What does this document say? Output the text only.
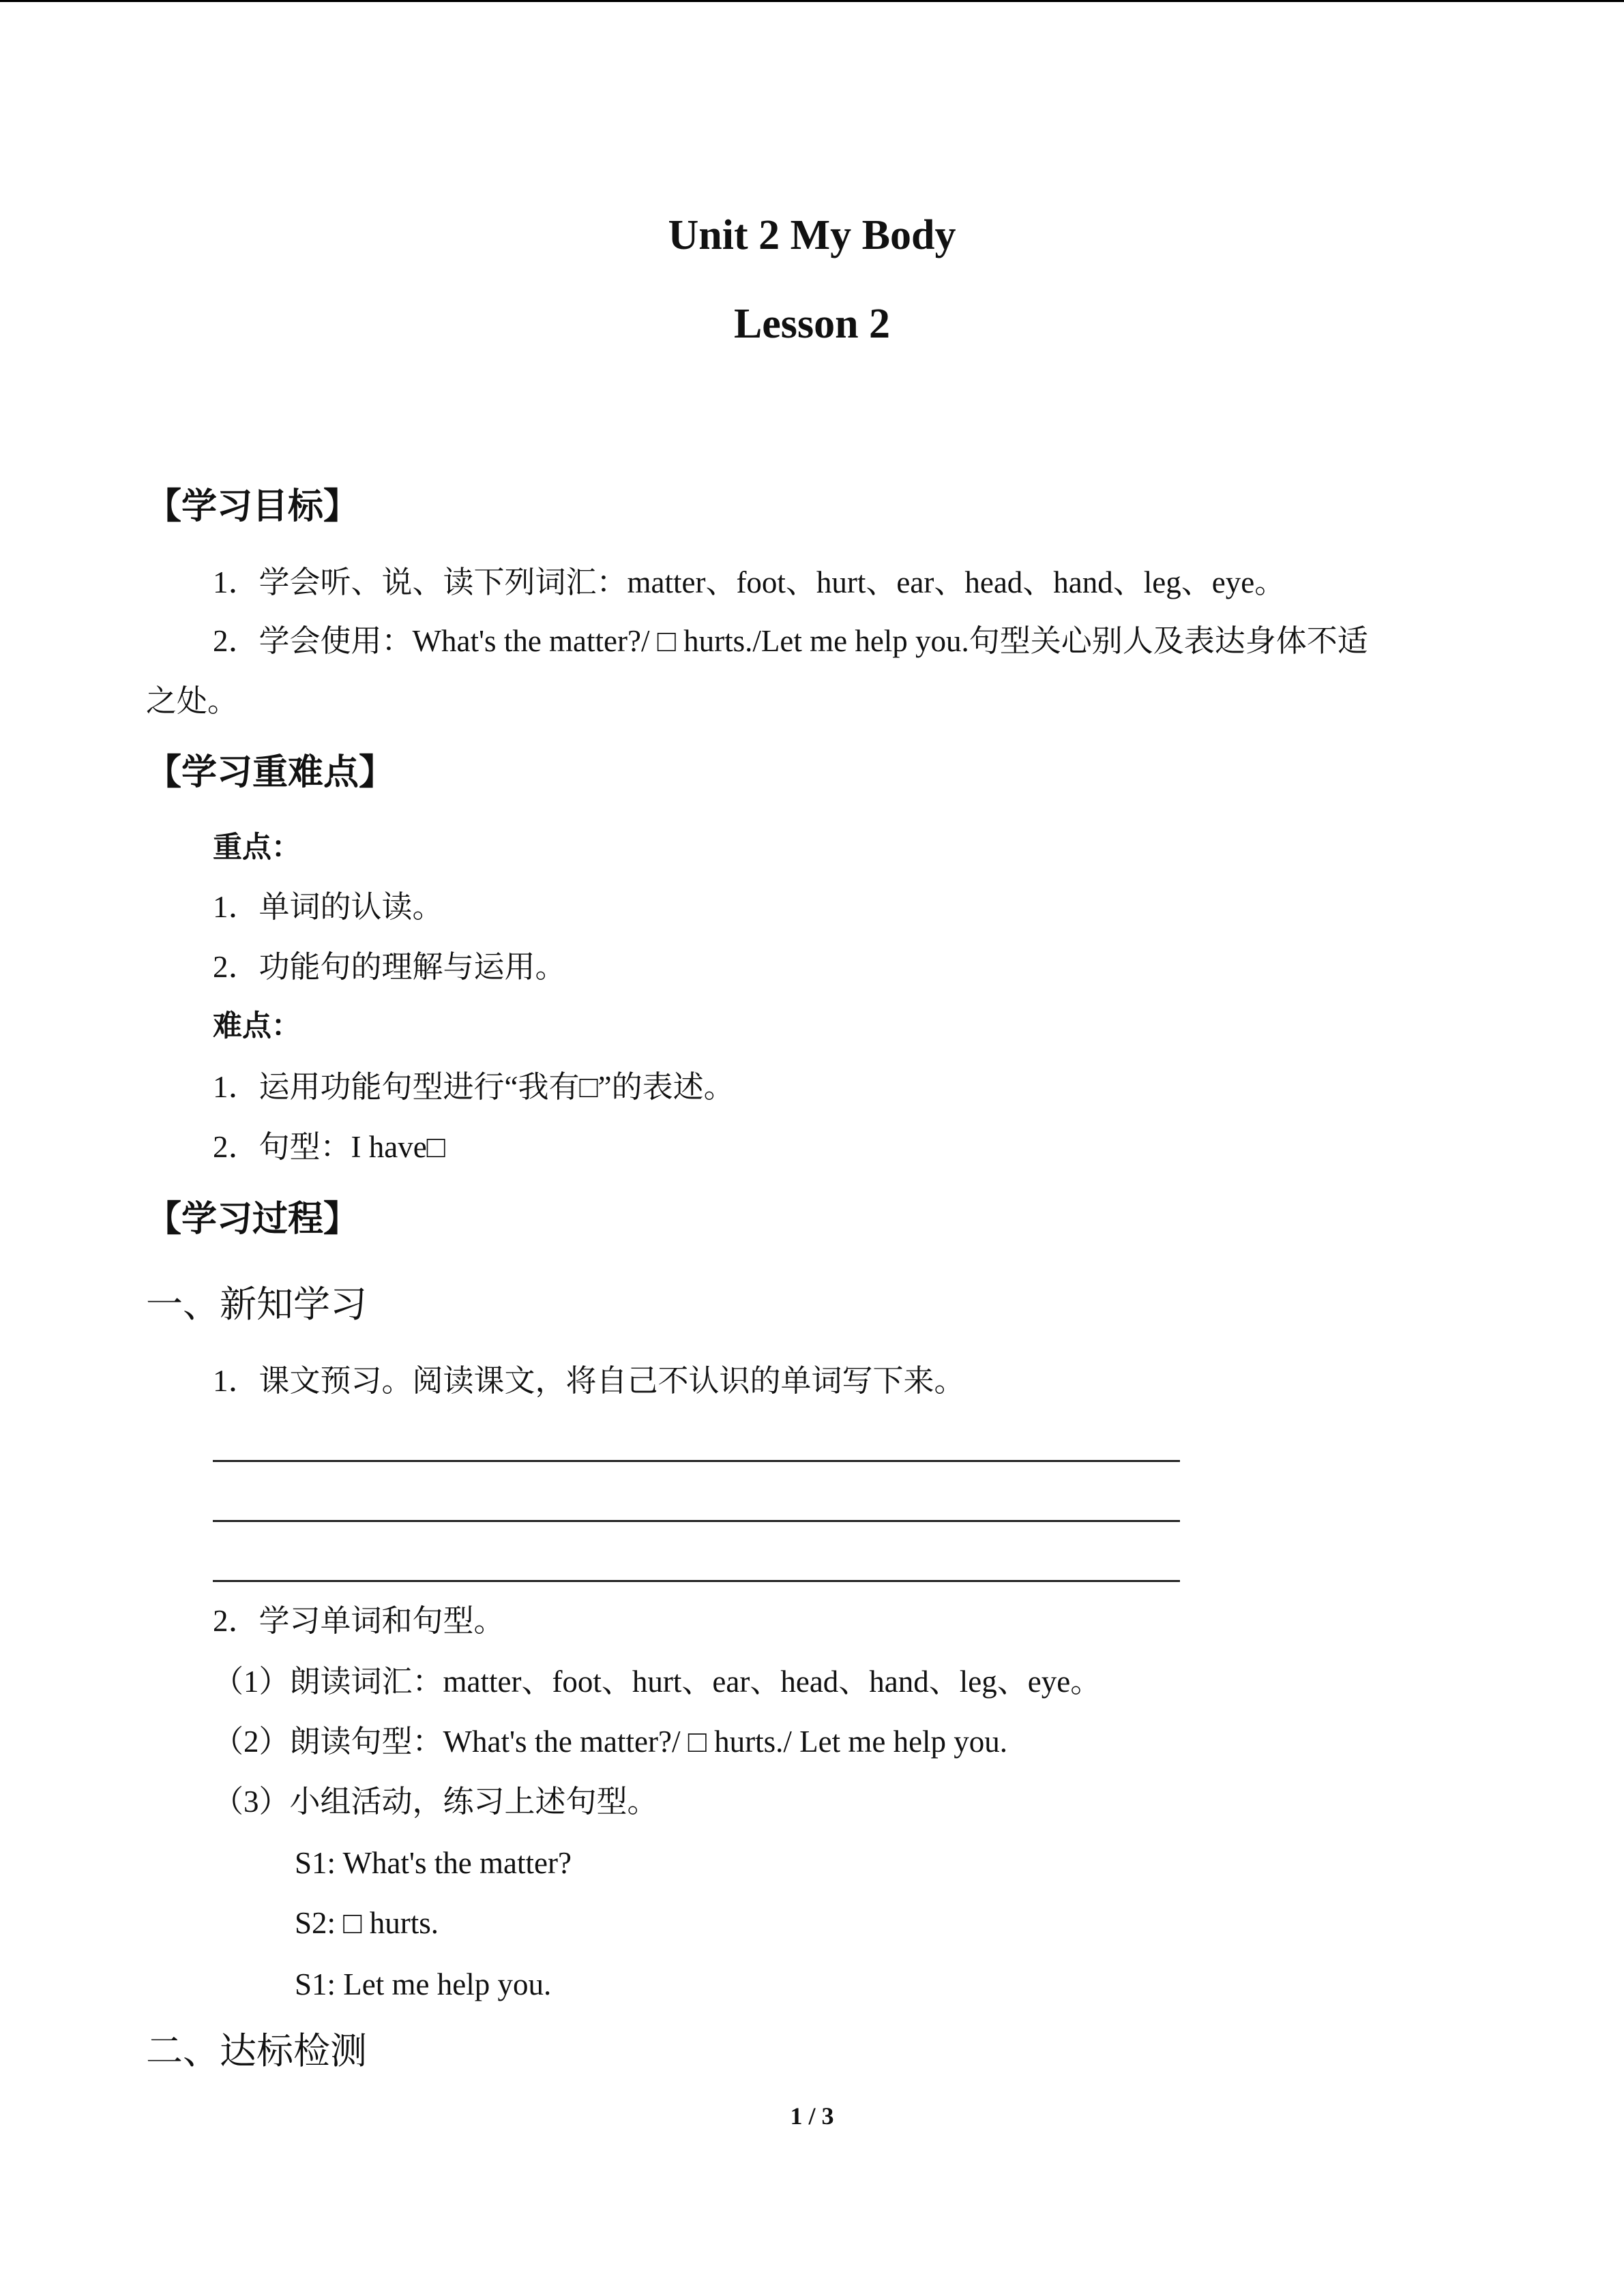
Unit 2 My Body
Lesson 2
【学习目标】
1．学会听、说、读下列词汇：matter、foot、hurt、ear、head、hand、leg、eye。
2．学会使用：What's the matter?/ □ hurts./Let me help you.句型关心别人及表达身体不适
之处。
【学习重难点】
重点：
1．单词的认读。
2．功能句的理解与运用。
难点：
1．运用功能句型进行“我有□”的表述。
2．句型：I have□
【学习过程】
一、新知学习
1．课文预习。阅读课文，将自己不认识的单词写下来。
2．学习单词和句型。
（1）朗读词汇：matter、foot、hurt、ear、head、hand、leg、eye。
（2）朗读句型：What's the matter?/ □ hurts./ Let me help you.
（3）小组活动，练习上述句型。
S1: What's the matter?
S2: □ hurts.
S1: Let me help you.
二、达标检测
1 / 3
